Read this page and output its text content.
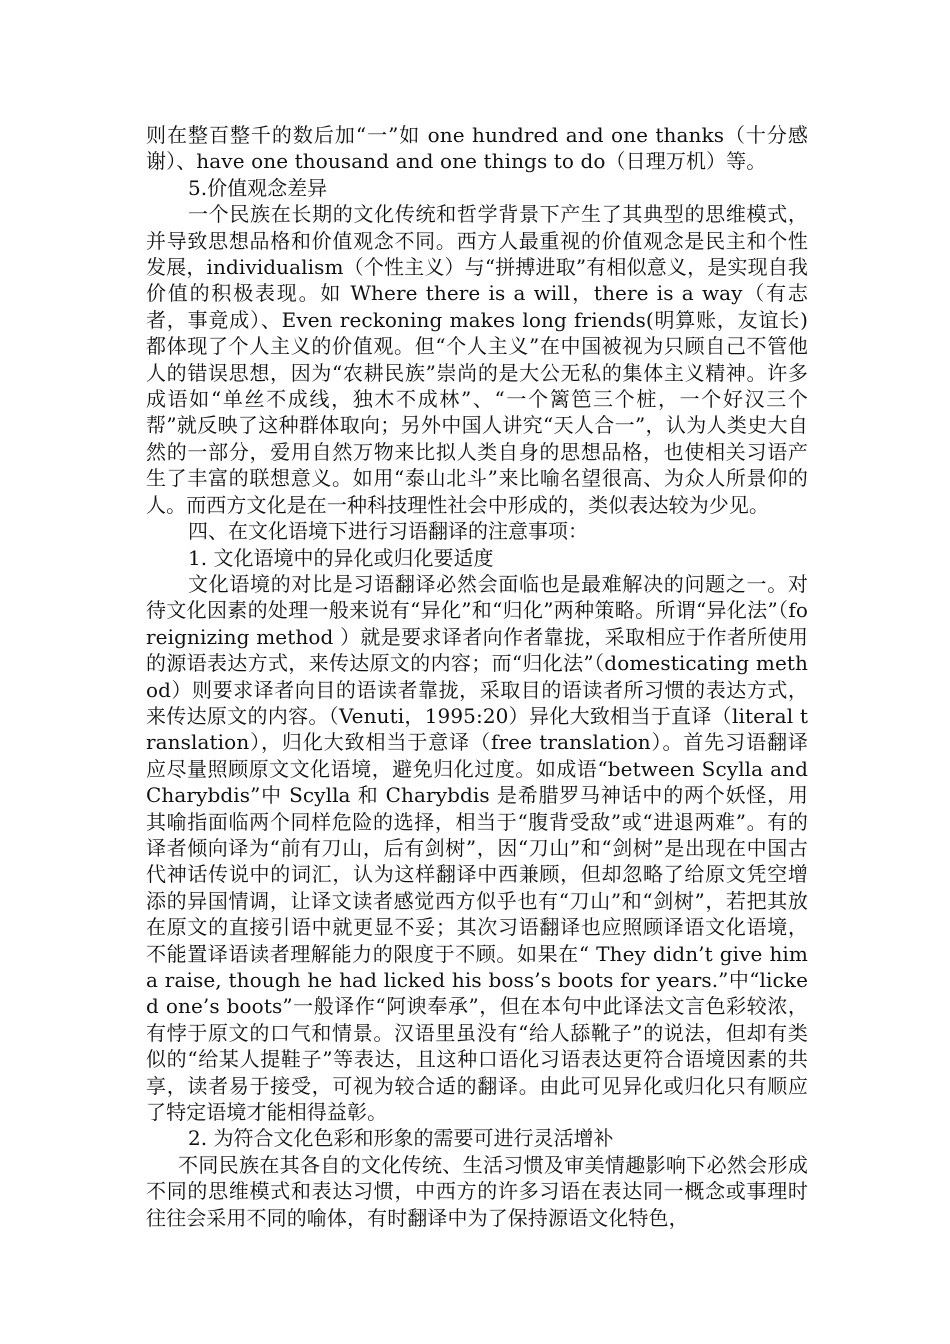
则在整百整千的数后加“一”如 one hundred and one thanks（十分感谢）、have one thousand and one things to do（日理万机）等。

5.价值观念差异

一个民族在长期的文化传统和哲学背景下产生了其典型的思维模式，并导致思想品格和价值观念不同。西方人最重视的价值观念是民主和个性发展，individualism（个性主义）与“拼搏进取”有相似意义，是实现自我价值的积极表现。如 Where there is a will，there is a way（有志者，事竟成）、Even reckoning makes long friends(明算账，友谊长)都体现了个人主义的价值观。但“个人主义”在中国被视为只顾自己不管他人的错误思想，因为“农耕民族”崇尚的是大公无私的集体主义精神。许多成语如“单丝不成线，独木不成林”、“一个篱笆三个桩，一个好汉三个帮”就反映了这种群体取向；另外中国人讲究“天人合一”，认为人类史大自然的一部分，爱用自然万物来比拟人类自身的思想品格，也使相关习语产生了丰富的联想意义。如用“泰山北斗”来比喻名望很高、为众人所景仰的人。而西方文化是在一种科技理性社会中形成的，类似表达较为少见。

四、在文化语境下进行习语翻译的注意事项：

1. 文化语境中的异化或归化要适度

文化语境的对比是习语翻译必然会面临也是最难解决的问题之一。对待文化因素的处理一般来说有“异化”和“归化”两种策略。所谓“异化法”（foreignizing method ）就是要求译者向作者靠拢，采取相应于作者所使用的源语表达方式，来传达原文的内容；而“归化法”（domesticating method）则要求译者向目的语读者靠拢，采取目的语读者所习惯的表达方式，来传达原文的内容。（Venuti，1995:20）异化大致相当于直译（literal translation），归化大致相当于意译（free translation）。首先习语翻译应尽量照顾原文文化语境，避免归化过度。如成语“between Scylla and Charybdis”中 Scylla 和 Charybdis 是希腊罗马神话中的两个妖怪，用其喻指面临两个同样危险的选择，相当于“腹背受敌”或“进退两难”。有的译者倾向译为“前有刀山，后有剑树”，因“刀山”和“剑树”是出现在中国古代神话传说中的词汇，认为这样翻译中西兼顾，但却忽略了给原文凭空增添的异国情调，让译文读者感觉西方似乎也有“刀山”和“剑树”，若把其放在原文的直接引语中就更显不妥；其次习语翻译也应照顾译语文化语境，不能置译语读者理解能力的限度于不顾。如果在“ They didn’t give him a raise, though he had licked his boss’s boots for years.”中“licked one’s boots”一般译作“阿谀奉承”，但在本句中此译法文言色彩较浓，有悖于原文的口气和情景。汉语里虽没有“给人舔靴子”的说法，但却有类似的“给某人提鞋子”等表达，且这种口语化习语表达更符合语境因素的共享，读者易于接受，可视为较合适的翻译。由此可见异化或归化只有顺应了特定语境才能相得益彰。

2. 为符合文化色彩和形象的需要可进行灵活增补

不同民族在其各自的文化传统、生活习惯及审美情趣影响下必然会形成不同的思维模式和表达习惯，中西方的许多习语在表达同一概念或事理时往往会采用不同的喻体，有时翻译中为了保持源语文化特色，
